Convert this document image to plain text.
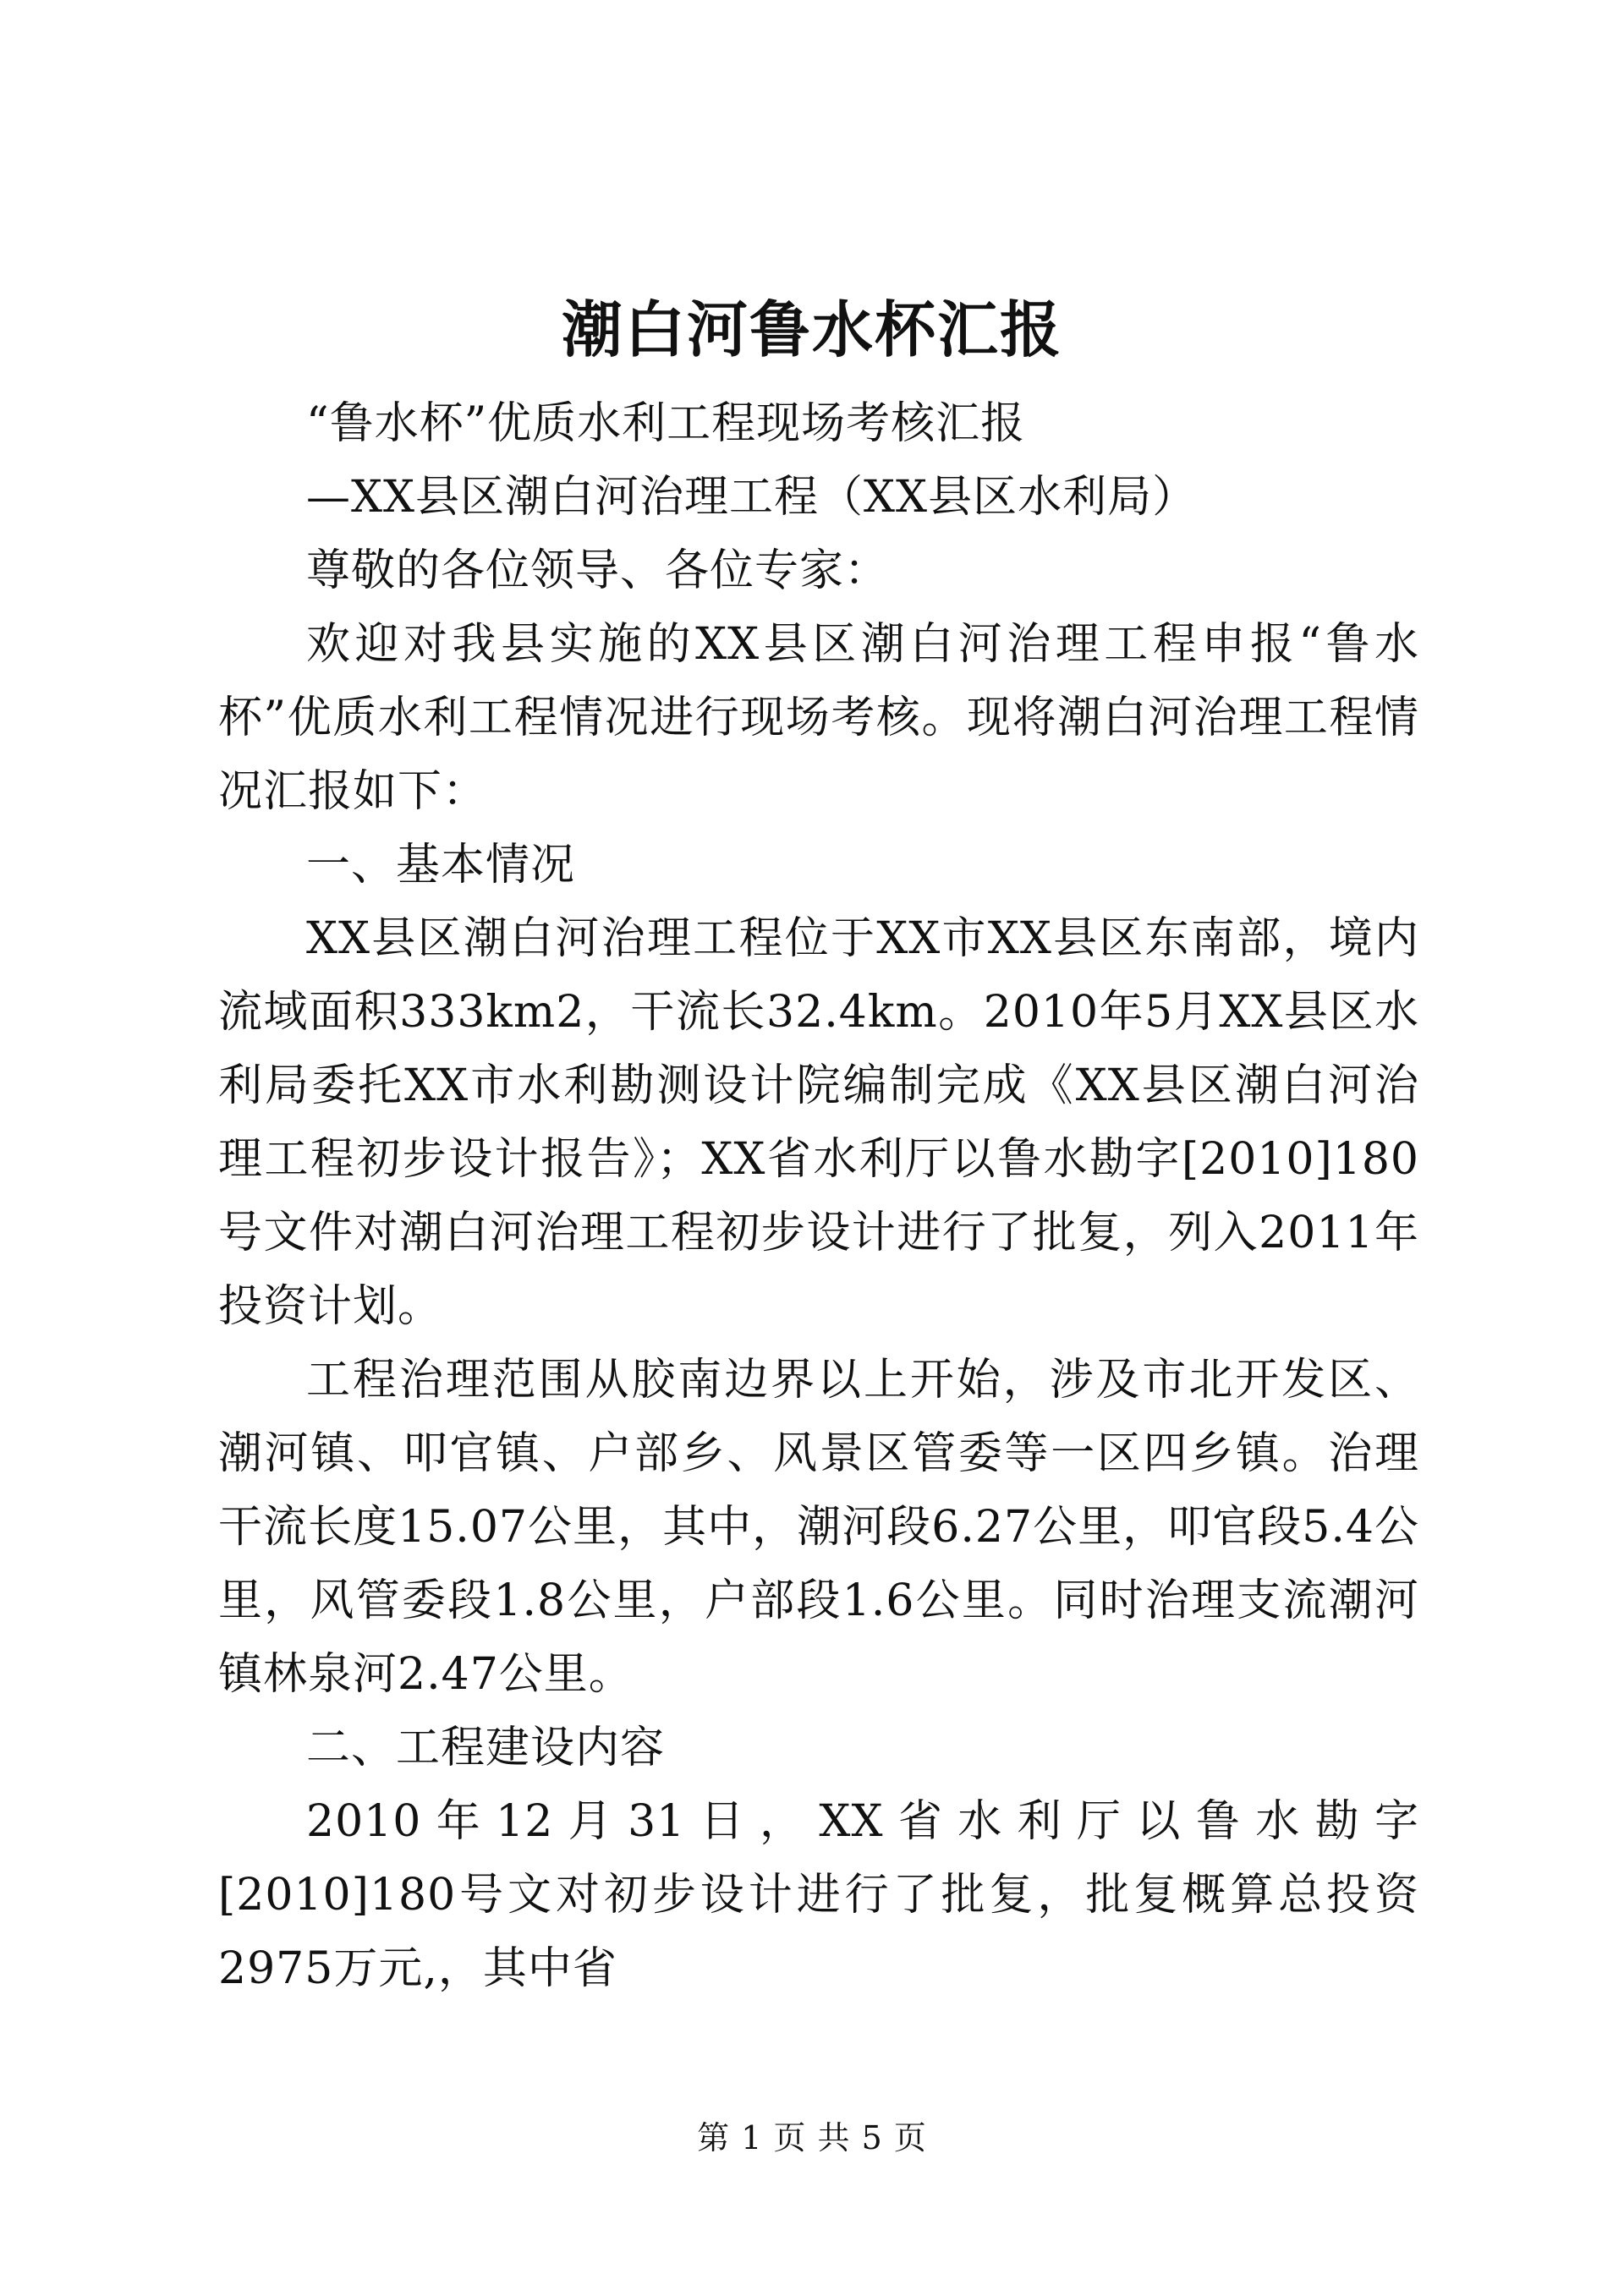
潮白河鲁水杯汇报

“鲁水杯”优质水利工程现场考核汇报

—XX县区潮白河治理工程（XX县区水利局）

尊敬的各位领导、各位专家：

欢迎对我县实施的XX县区潮白河治理工程申报“鲁水杯”优质水利工程情况进行现场考核。现将潮白河治理工程情况汇报如下：

一、基本情况

XX县区潮白河治理工程位于XX市XX县区东南部，境内流域面积333km2，干流长32.4km。2010年5月XX县区水利局委托XX市水利勘测设计院编制完成《XX县区潮白河治理工程初步设计报告》；XX省水利厅以鲁水勘字[2010]180号文件对潮白河治理工程初步设计进行了批复，列入2011年投资计划。

工程治理范围从胶南边界以上开始，涉及市北开发区、潮河镇、叩官镇、户部乡、风景区管委等一区四乡镇。治理干流长度15.07公里，其中，潮河段6.27公里，叩官段5.4公里，风管委段1.8公里，户部段1.6公里。同时治理支流潮河镇林泉河2.47公里。

二、工程建设内容

2010年12月31日，XX省水利厅以鲁水勘字[2010]180号文对初步设计进行了批复，批复概算总投资2975万元,，其中省

第 1 页 共 5 页
